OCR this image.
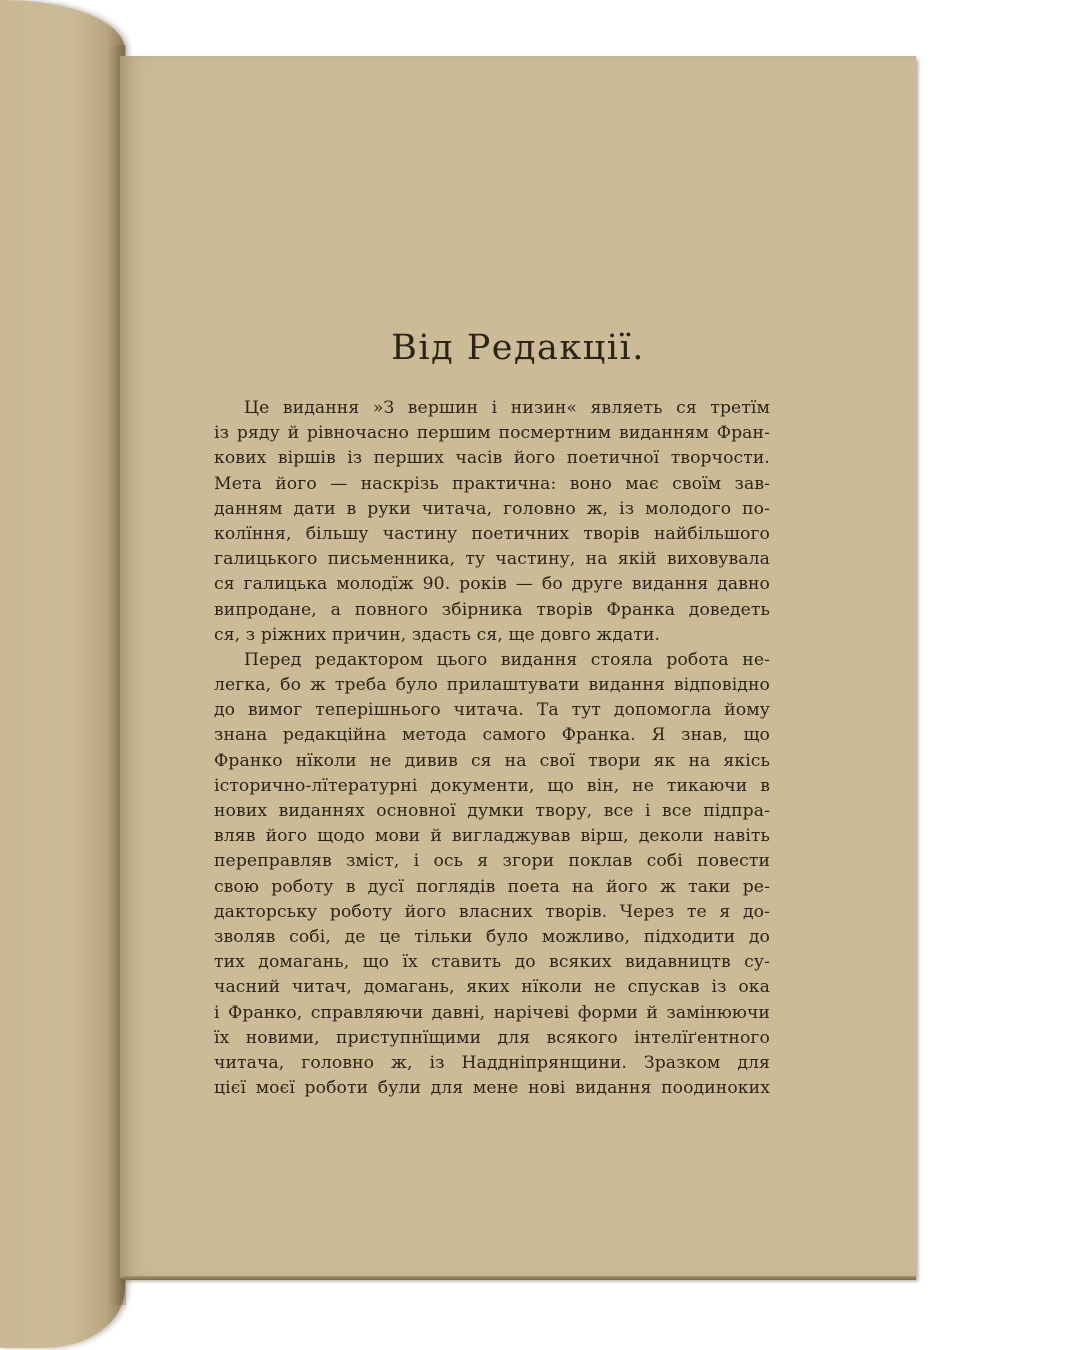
Від Редакції.
Це видання »З вершин і низин« являеть ся третїм
із ряду й рівночасно першим посмертним виданням Фран-
кових віршів із перших часів його поетичної творчости.
Мета його — наскрізь практична: воно має своїм зав-
данням дати в руки читача, головно ж, із молодого по-
колїння, більшу частину поетичних творів найбільшого
галицького письменника, ту частину, на якій виховувала
ся галицька молодїж 90. років — бо друге видання давно
випродане, а повного збірника творів Франка доведеть
ся, з ріжних причин, здасть ся, ще довго ждати.
Перед редактором цього видання стояла робота не-
легка, бо ж треба було прилаштувати видання відповідно
до вимог теперішнього читача. Та тут допомогла йому
знана редакційна метода самого Франка. Я знав, що
Франко нїколи не дивив ся на свої твори як на якісь
історично-лїтературні документи, що він, не тикаючи в
нових виданнях основної думки твору, все і все підпра-
вляв його щодо мови й вигладжував вірш, деколи навіть
переправляв зміст, і ось я згори поклав собі повести
свою роботу в дусї поглядів поета на його ж таки ре-
дакторську роботу його власних творів. Через те я до-
зволяв собі, де це тільки було можливо, підходити до
тих домагань, що їх ставить до всяких видавництв су-
часний читач, домагань, яких нїколи не спускав із ока
і Франко, справляючи давні, нарічеві форми й замінюючи
їх новими, приступнїщими для всякого інтелїґентного
читача, головно ж, із Наддніпрянщини. Зразком для
цієї моєї роботи були для мене нові видання поодиноких
